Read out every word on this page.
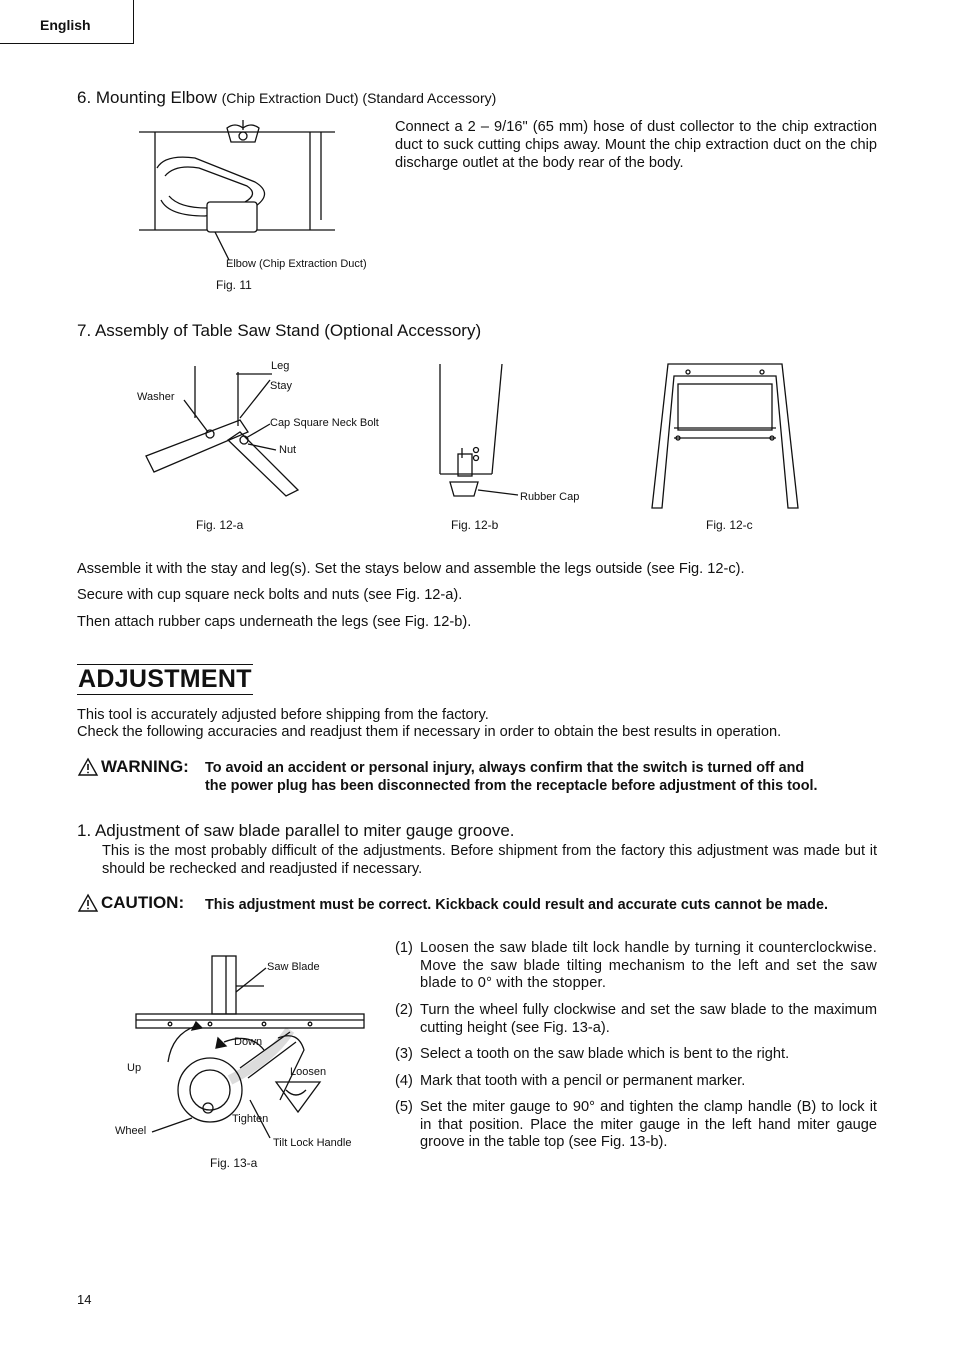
English
6. Mounting Elbow (Chip Extraction Duct) (Standard Accessory)
Elbow (Chip Extraction Duct)
Fig. 11
Connect a 2 – 9/16" (65 mm) hose of dust collector to the chip extraction duct to suck cutting chips away. Mount the chip extraction duct on the chip discharge outlet at the body rear of the body.
7. Assembly of Table Saw Stand (Optional Accessory)
Leg
Stay
Washer
Cap Square Neck Bolt
Nut
Fig. 12-a
Rubber Cap
Fig. 12-b	Fig. 12-c
Assemble it with the stay and leg(s). Set the stays below and assemble the legs outside (see Fig. 12-c).
Secure with cup square neck bolts and nuts (see Fig. 12-a).
Then attach rubber caps underneath the legs (see Fig. 12-b).
ADJUSTMENT
This tool is accurately adjusted before shipping from the factory.
Check the following accuracies and readjust them if necessary in order to obtain the best results in operation.
WARNING: To avoid an accident or personal injury, always confirm that the switch is turned off and
the power plug has been disconnected from the receptacle before adjustment of this tool.
1. Adjustment of saw blade parallel to miter gauge groove.
This is the most probably difficult of the adjustments. Before shipment from the factory this adjustment was made but it should be rechecked and readjusted if necessary.
CAUTION: This adjustment must be correct. Kickback could result and accurate cuts cannot be made.
Saw Blade
Down
Up	Loosen
Tighten
Wheel
Tilt Lock Handle
Fig. 13-a
(1) Loosen the saw blade tilt lock handle by turning it counterclockwise. Move the saw blade tilting mechanism to the left and set the saw blade to 0° with the stopper.
(2) Turn the wheel fully clockwise and set the saw blade to the maximum cutting height (see Fig. 13-a).
(3) Select a tooth on the saw blade which is bent to the right.
(4) Mark that tooth with a pencil or permanent marker.
(5) Set the miter gauge to 90° and tighten the clamp handle (B) to lock it in that position. Place the miter gauge in the left hand miter gauge groove in the table top (see Fig. 13-b).
14
